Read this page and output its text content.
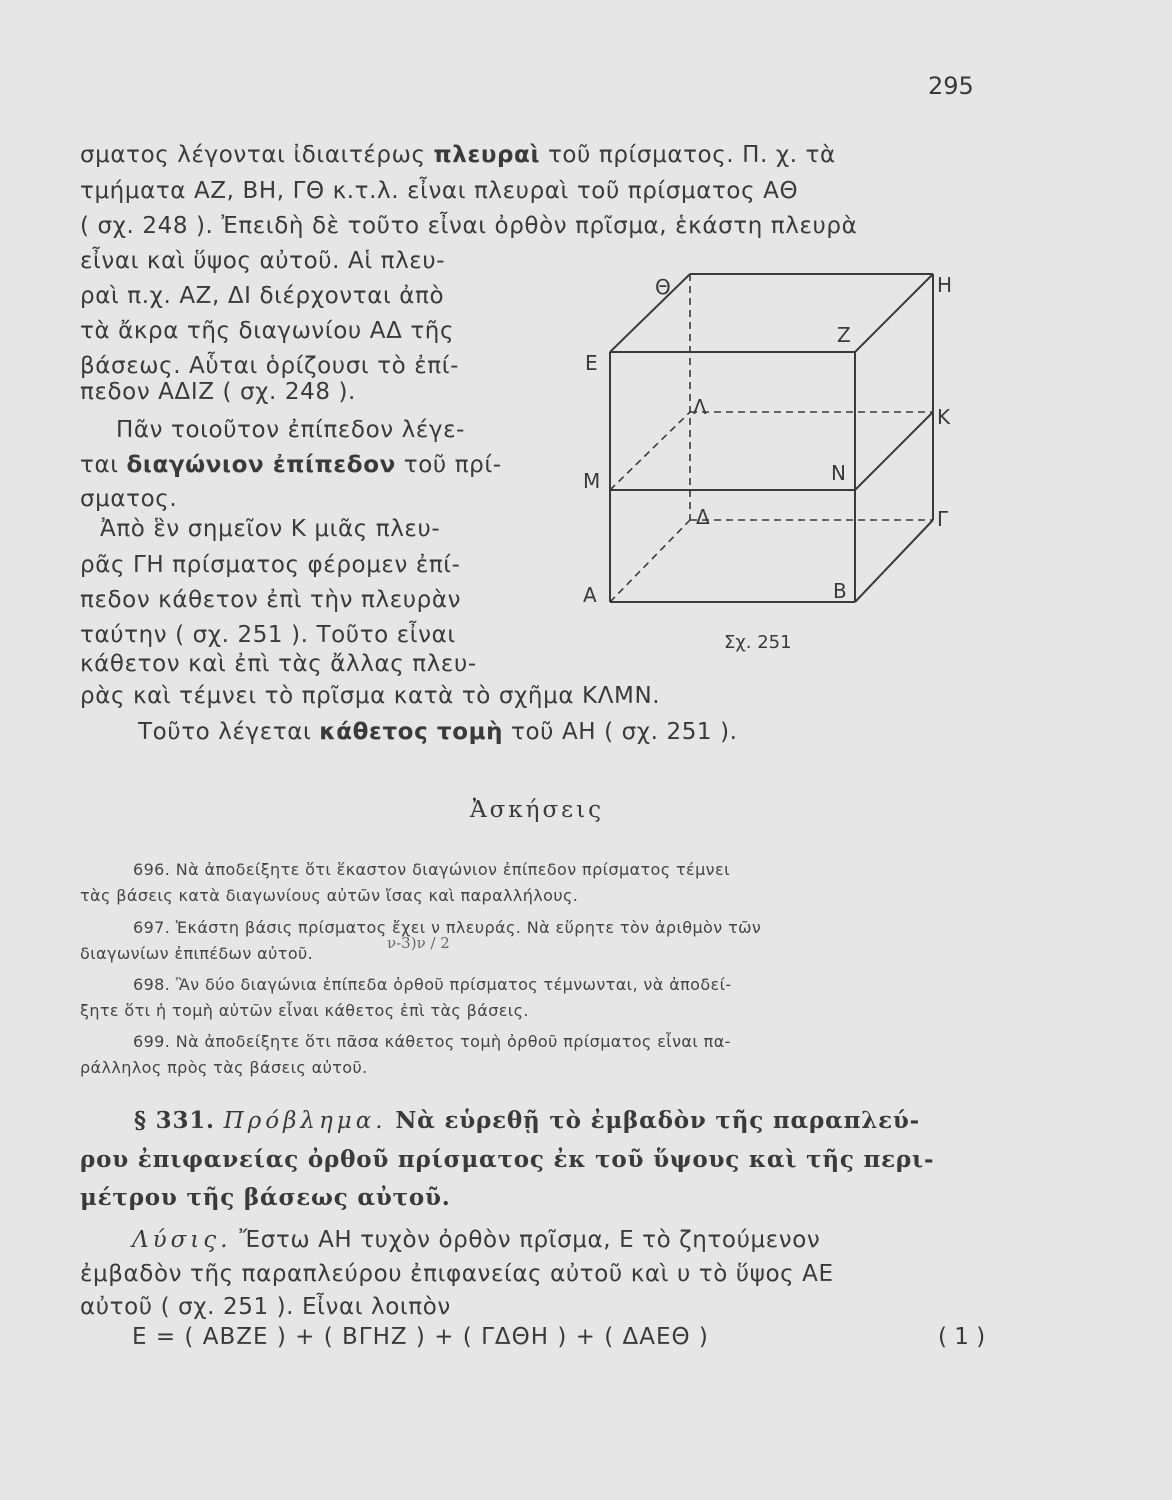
295
σματος λέγονται ἰδιαιτέρως πλευραὶ τοῦ πρίσματος. Π. χ. τὰ
τμήματα ΑΖ, ΒΗ, ΓΘ κ.τ.λ. εἶναι πλευραὶ τοῦ πρίσματος ΑΘ
( σχ. 248 ). Ἐπειδὴ δὲ τοῦτο εἶναι ὀρθὸν πρῖσμα, ἑκάστη πλευρὰ
εἶναι καὶ ὕψος αὐτοῦ. Αἱ πλευ-
ραὶ π.χ. ΑΖ, ΔΙ διέρχονται ἀπὸ
τὰ ἄκρα τῆς διαγωνίου ΑΔ τῆς
βάσεως. Αὗται ὁρίζουσι τὸ ἐπί-
πεδον ΑΔΙΖ ( σχ. 248 ).
Πᾶν τοιοῦτον ἐπίπεδον λέγε-
ται διαγώνιον ἐπίπεδον τοῦ πρί-
σματος.
Ἀπὸ ἓν σημεῖον Κ μιᾶς πλευ-
ρᾶς ΓΗ πρίσματος φέρομεν ἐπί-
πεδον κάθετον ἐπὶ τὴν πλευρὰν
ταύτην ( σχ. 251 ). Τοῦτο εἶναι
κάθετον καὶ ἐπὶ τὰς ἄλλας πλευ-
ρὰς καὶ τέμνει τὸ πρῖσμα κατὰ τὸ σχῆμα ΚΛΜΝ.
Τοῦτο λέγεται κάθετος τομὴ τοῦ ΑΗ ( σχ. 251 ).
Θ	Η
Ζ
Ε
Λ	Κ
Μ	Ν
Δ	Γ
Α	Β
Σχ. 251
Ἀσκήσεις
696. Νὰ ἀποδείξητε ὅτι ἕκαστον διαγώνιον ἐπίπεδον πρίσματος τέμνει
τὰς βάσεις κατὰ διαγωνίους αὐτῶν ἴσας καὶ παραλλήλους.
697. Ἑκάστη βάσις πρίσματος ἔχει ν πλευράς. Νὰ εὕρητε τὸν ἀριθμὸν τῶν
διαγωνίων ἐπιπέδων αὐτοῦ.
ν-3)ν / 2
698. Ἂν δύο διαγώνια ἐπίπεδα ὀρθοῦ πρίσματος τέμνωνται, νὰ ἀποδεί-
ξητε ὅτι ἡ τομὴ αὐτῶν εἶναι κάθετος ἐπὶ τὰς βάσεις.
699. Νὰ ἀποδείξητε ὅτι πᾶσα κάθετος τομὴ ὀρθοῦ πρίσματος εἶναι πα-
ράλληλος πρὸς τὰς βάσεις αὐτοῦ.
§ 331. Πρόβλημα. Νὰ εὑρεθῇ τὸ ἐμβαδὸν τῆς παραπλεύ-
ρου ἐπιφανείας ὀρθοῦ πρίσματος ἐκ τοῦ ὕψους καὶ τῆς περι-
μέτρου τῆς βάσεως αὐτοῦ.
Λύσις. Ἔστω ΑΗ τυχὸν ὀρθὸν πρῖσμα, Ε τὸ ζητούμενον
ἐμβαδὸν τῆς παραπλεύρου ἐπιφανείας αὐτοῦ καὶ υ τὸ ὕψος ΑΕ
αὐτοῦ ( σχ. 251 ). Εἶναι λοιπὸν
Ε = ( ΑΒΖΕ ) + ( ΒΓΗΖ ) + ( ΓΔΘΗ ) + ( ΔΑΕΘ )	( 1 )
